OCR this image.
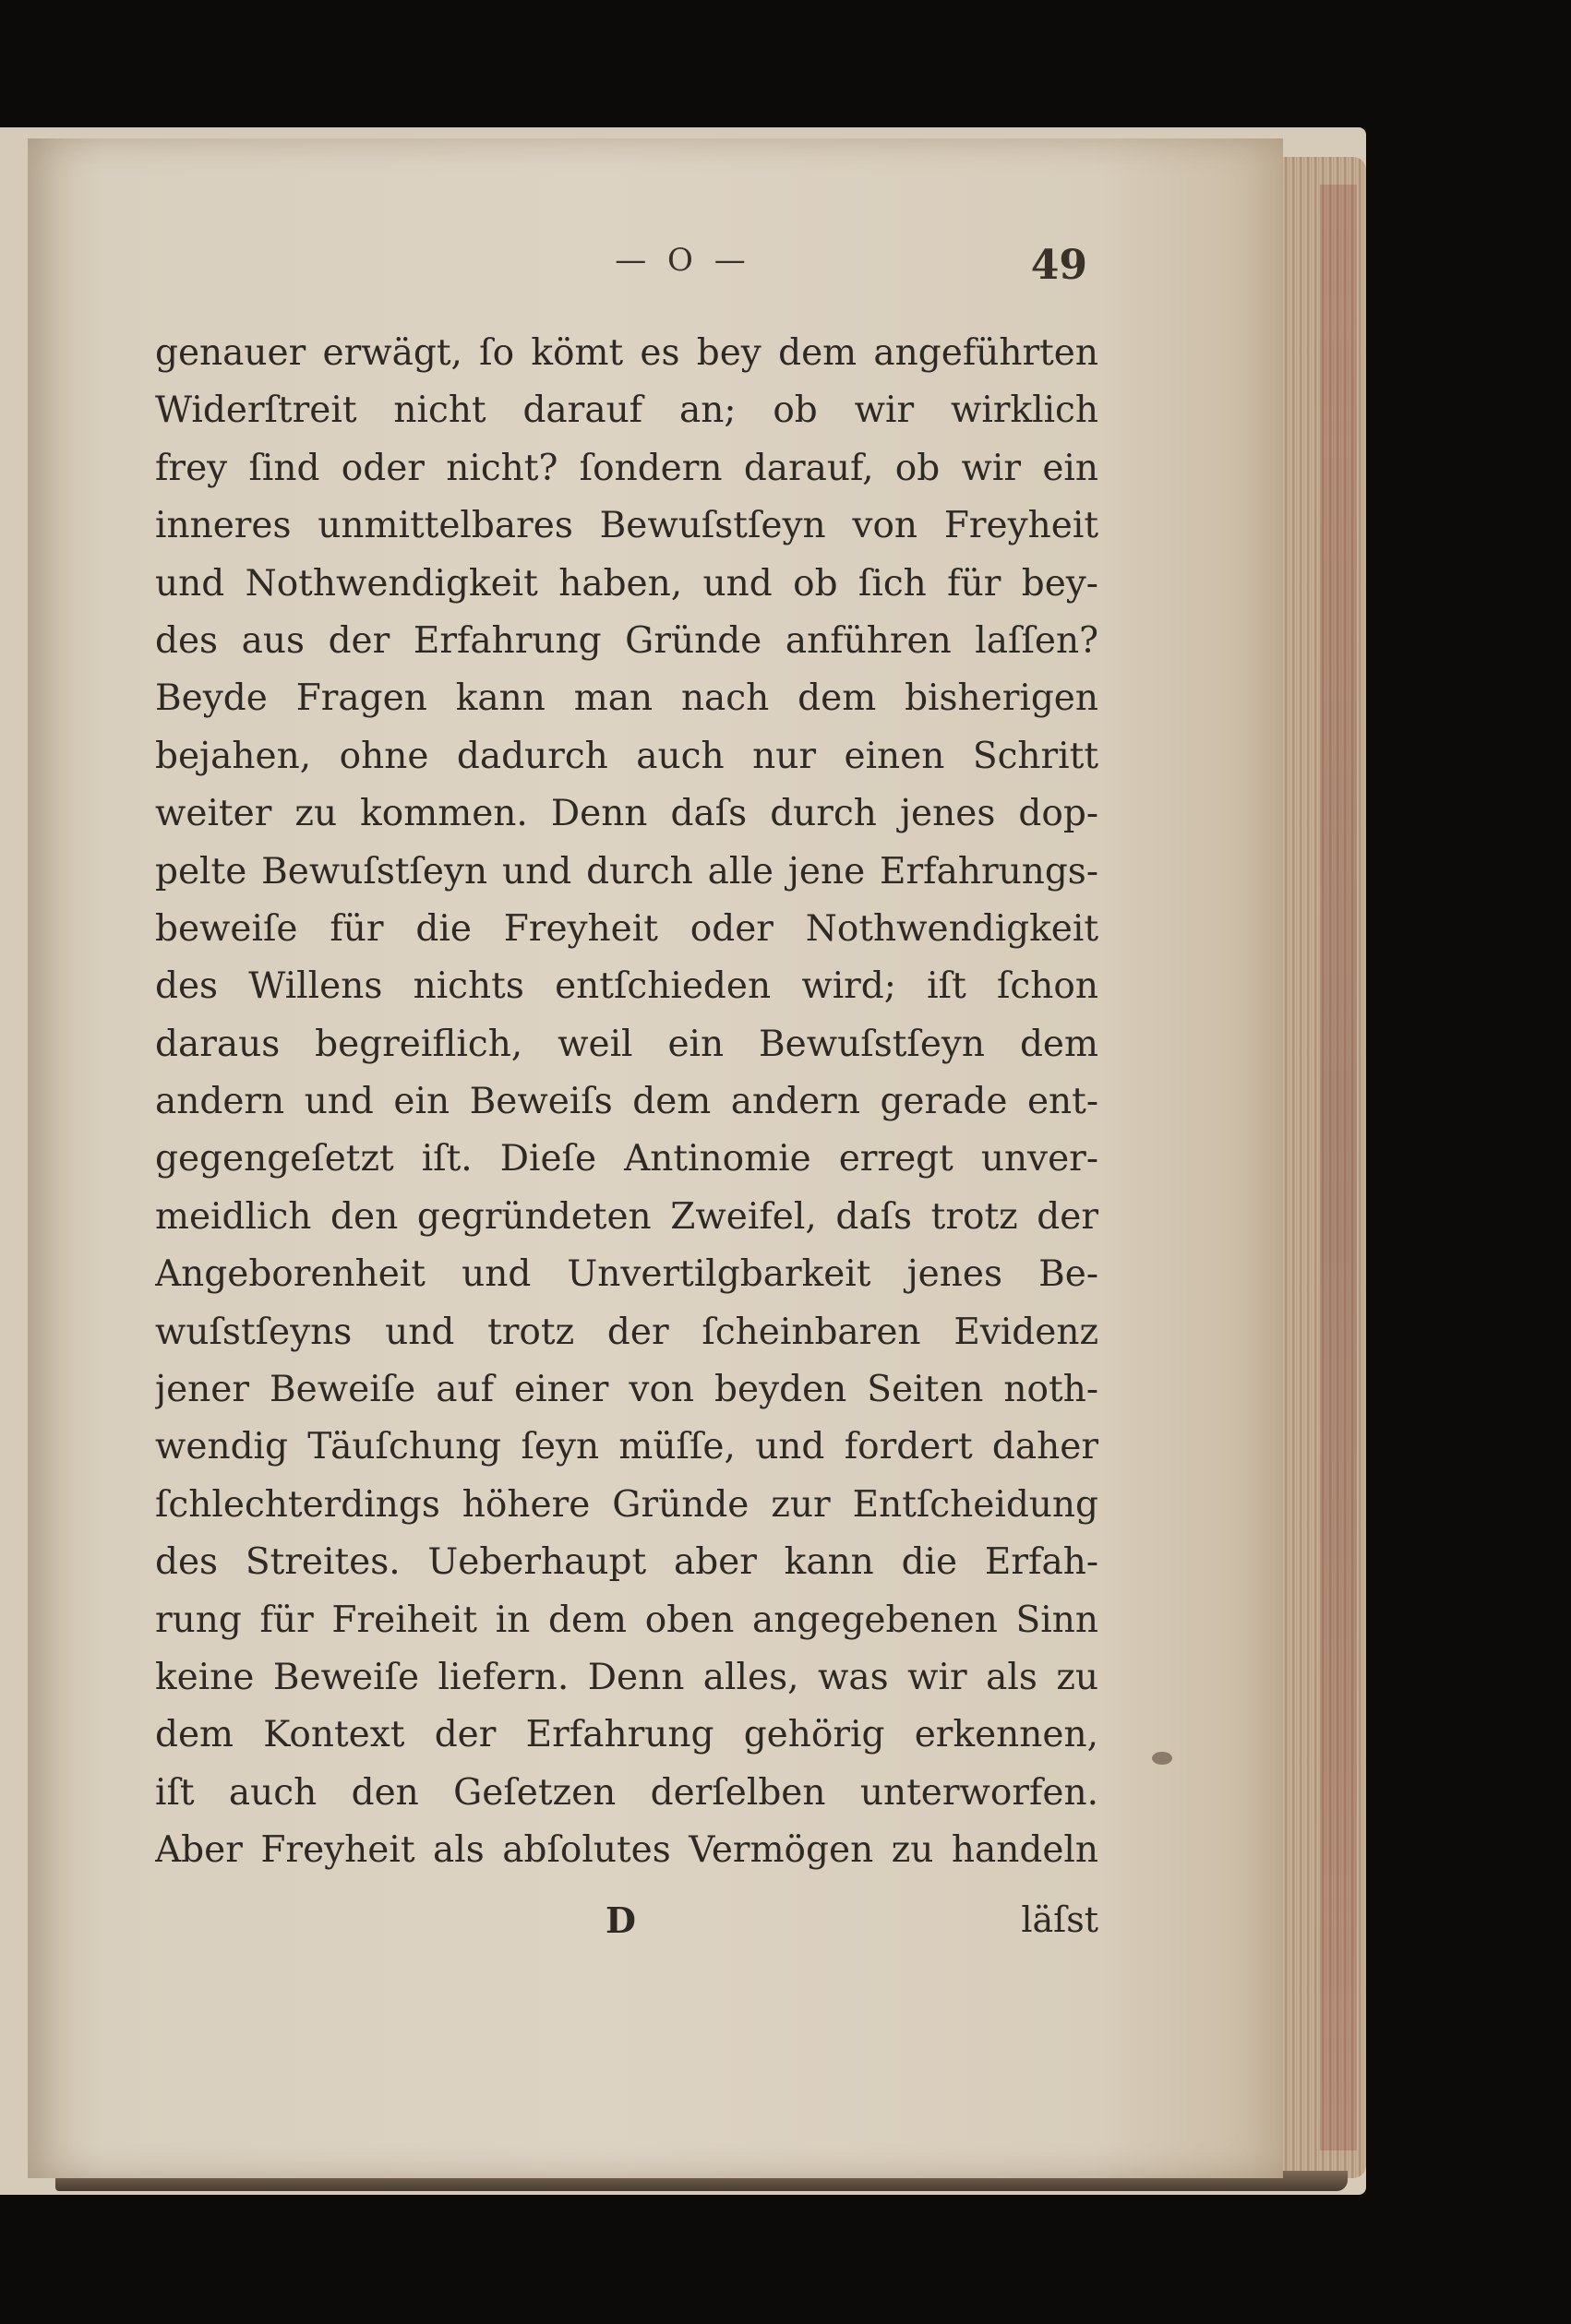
— O —	49
genauer erwägt, ſo kömt es bey dem angeführten
Widerſtreit nicht darauf an; ob wir wirklich
frey ſind oder nicht? ſondern darauf, ob wir ein
inneres unmittelbares Bewuſstſeyn von Freyheit
und Nothwendigkeit haben, und ob ſich für bey-
des aus der Erfahrung Gründe anführen laſſen?
Beyde Fragen kann man nach dem bisherigen
bejahen, ohne dadurch auch nur einen Schritt
weiter zu kommen. Denn daſs durch jenes dop-
pelte Bewuſstſeyn und durch alle jene Erfahrungs-
beweiſe für die Freyheit oder Nothwendigkeit
des Willens nichts entſchieden wird; iſt ſchon
daraus begreiflich, weil ein Bewuſstſeyn dem
andern und ein Beweiſs dem andern gerade ent-
gegengeſetzt iſt. Dieſe Antinomie erregt unver-
meidlich den gegründeten Zweifel, daſs trotz der
Angeborenheit und Unvertilgbarkeit jenes Be-
wuſstſeyns und trotz der ſcheinbaren Evidenz
jener Beweiſe auf einer von beyden Seiten noth-
wendig Täuſchung ſeyn müſſe, und fordert daher
ſchlechterdings höhere Gründe zur Entſcheidung
des Streites. Ueberhaupt aber kann die Erfah-
rung für Freiheit in dem oben angegebenen Sinn
keine Beweiſe liefern. Denn alles, was wir als zu
dem Kontext der Erfahrung gehörig erkennen,
iſt auch den Geſetzen derſelben unterworfen.
Aber Freyheit als abſolutes Vermögen zu handeln
D	läſst
